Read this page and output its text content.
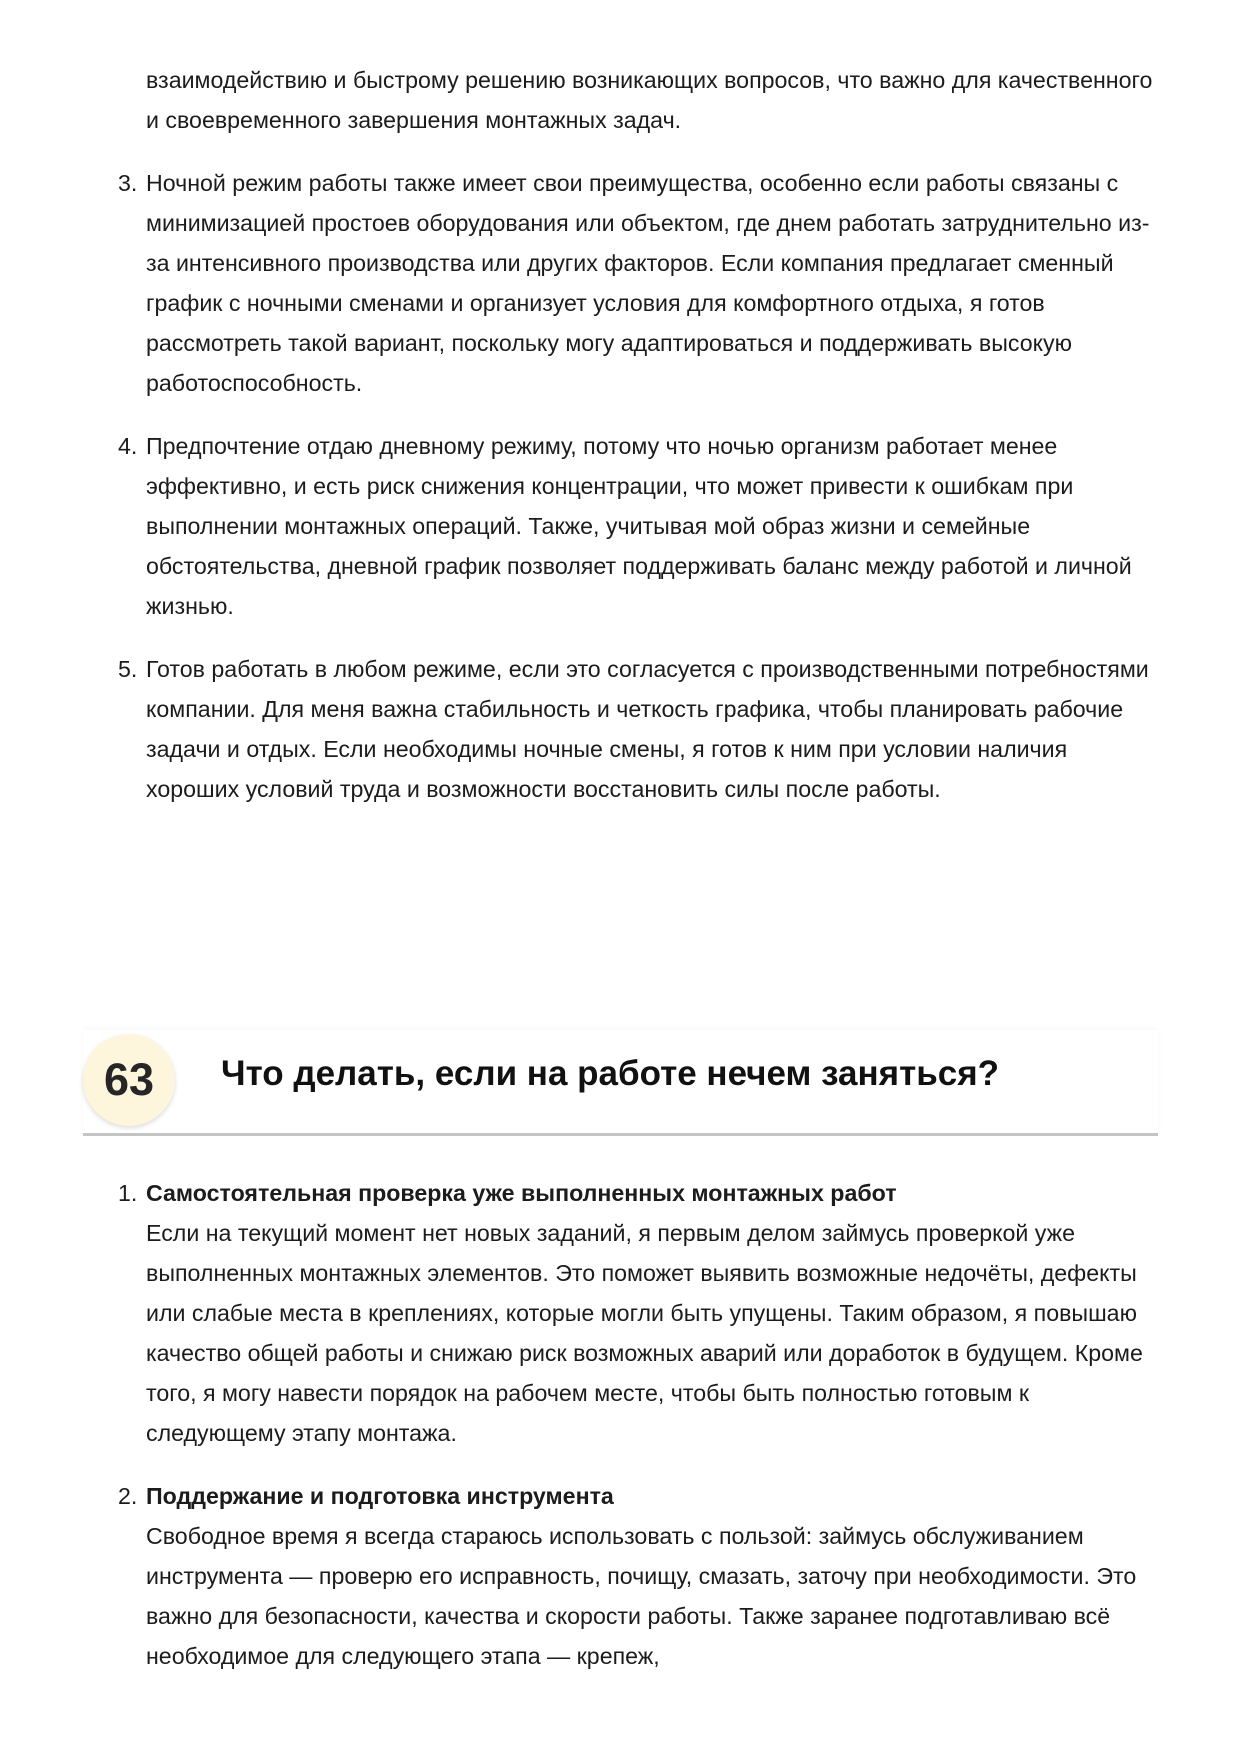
взаимодействию и быстрому решению возникающих вопросов, что важно для качественного и своевременного завершения монтажных задач.
3. Ночной режим работы также имеет свои преимущества, особенно если работы связаны с минимизацией простоев оборудования или объектом, где днем работать затруднительно из-за интенсивного производства или других факторов. Если компания предлагает сменный график с ночными сменами и организует условия для комфортного отдыха, я готов рассмотреть такой вариант, поскольку могу адаптироваться и поддерживать высокую работоспособность.
4. Предпочтение отдаю дневному режиму, потому что ночью организм работает менее эффективно, и есть риск снижения концентрации, что может привести к ошибкам при выполнении монтажных операций. Также, учитывая мой образ жизни и семейные обстоятельства, дневной график позволяет поддерживать баланс между работой и личной жизнью.
5. Готов работать в любом режиме, если это согласуется с производственными потребностями компании. Для меня важна стабильность и четкость графика, чтобы планировать рабочие задачи и отдых. Если необходимы ночные смены, я готов к ним при условии наличия хороших условий труда и возможности восстановить силы после работы.
63	Что делать, если на работе нечем заняться?
1. Самостоятельная проверка уже выполненных монтажных работ
Если на текущий момент нет новых заданий, я первым делом займусь проверкой уже выполненных монтажных элементов. Это поможет выявить возможные недочёты, дефекты или слабые места в креплениях, которые могли быть упущены. Таким образом, я повышаю качество общей работы и снижаю риск возможных аварий или доработок в будущем. Кроме того, я могу навести порядок на рабочем месте, чтобы быть полностью готовым к следующему этапу монтажа.
2. Поддержание и подготовка инструмента
Свободное время я всегда стараюсь использовать с пользой: займусь обслуживанием инструмента — проверю его исправность, почищу, смазать, заточу при необходимости. Это важно для безопасности, качества и скорости работы. Также заранее подготавливаю всё необходимое для следующего этапа — крепеж,
